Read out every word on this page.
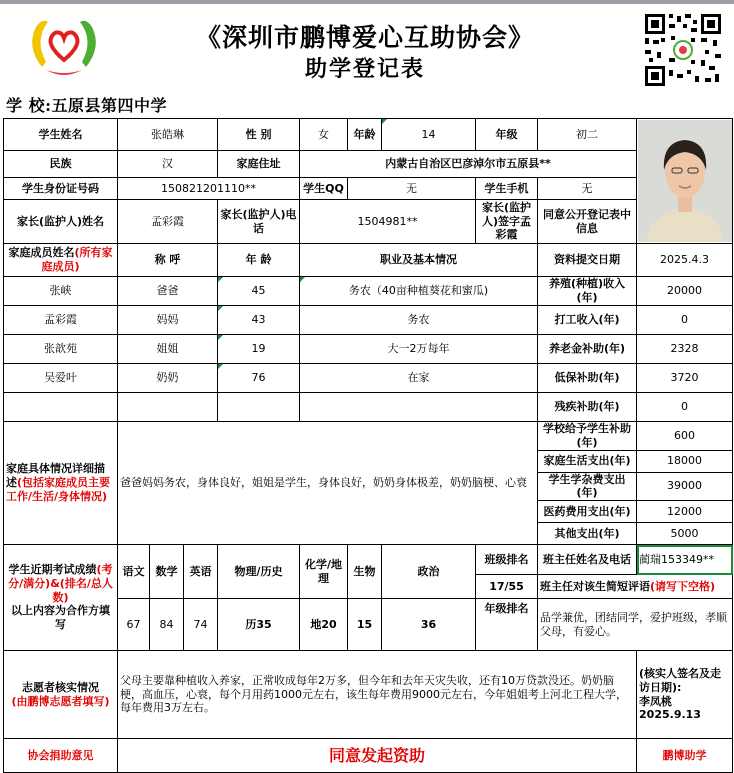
《深圳市鹏博爱心互助协会》
助学登记表
学 校:五原县第四中学
学生姓名	张皓琳			性 别	女	年龄	14	年级	初二	

民族	汉			家庭住址	内蒙古自治区巴彦淖尔市五原县**					
学生身份证号码	150821201110**				学生QQ	无		学生手机	无	
家长(监护人)姓名	孟彩霞			家长(监护人)电话	1504981**			家长(监护人)签字孟彩霞	同意公开登记表中信息	
家庭成员姓名(所有家庭成员)	称 呼			年 龄	职业及基本情况				资料提交日期	2025.4.3
张峡	爸爸			45	务农（40亩种植葵花和蜜瓜)				养殖(种植)收入(年)	20000
孟彩霞	妈妈			43	务农				打工收入(年)	0
张歆苑	姐姐			19	大一2万每年				养老金补助(年)	2328
吴爱叶	奶奶			76	在家				低保补助(年)	3720
									残疾补助(年)	0
家庭具体情况详细描述(包括家庭成员主要工作/生活/身体情况)	爸爸妈妈务农，身体良好，姐姐是学生，身体良好，奶奶身体极差，奶奶脑梗、心衰								学校给予学生补助(年)	600
									家庭生活支出(年)	18000
									学生学杂费支出(年)	39000
									医药费用支出(年)	12000
									其他支出(年)	5000
学生近期考试成绩(考分/满分)&(排名/总人数)
以上内容为合作方填写	语文	数学	英语	物理/历史	化学/地理	生物	政治	班级排名	班主任姓名及电话	蔺瑞153349**
								17/55	班主任对该生简短评语(请写下空格)	
	67	84	74	历35	地20	15	36	年级排名	品学兼优，团结同学，爱护班级，孝顺父母，有爱心。	
志愿者核实情况
(由鹏博志愿者填写)	父母主要靠种植收入养家，正常收成每年2万多，但今年和去年天灾失收，还有10万贷款没还。奶奶脑梗，高血压，心衰，每个月用药1000元左右，该生每年费用9000元左右，今年姐姐考上河北工程大学，每年费用3万左右。									(核实人签名及走访日期):
李凤桃
2025.9.13
协会捐助意见	同意发起资助									鹏博助学
